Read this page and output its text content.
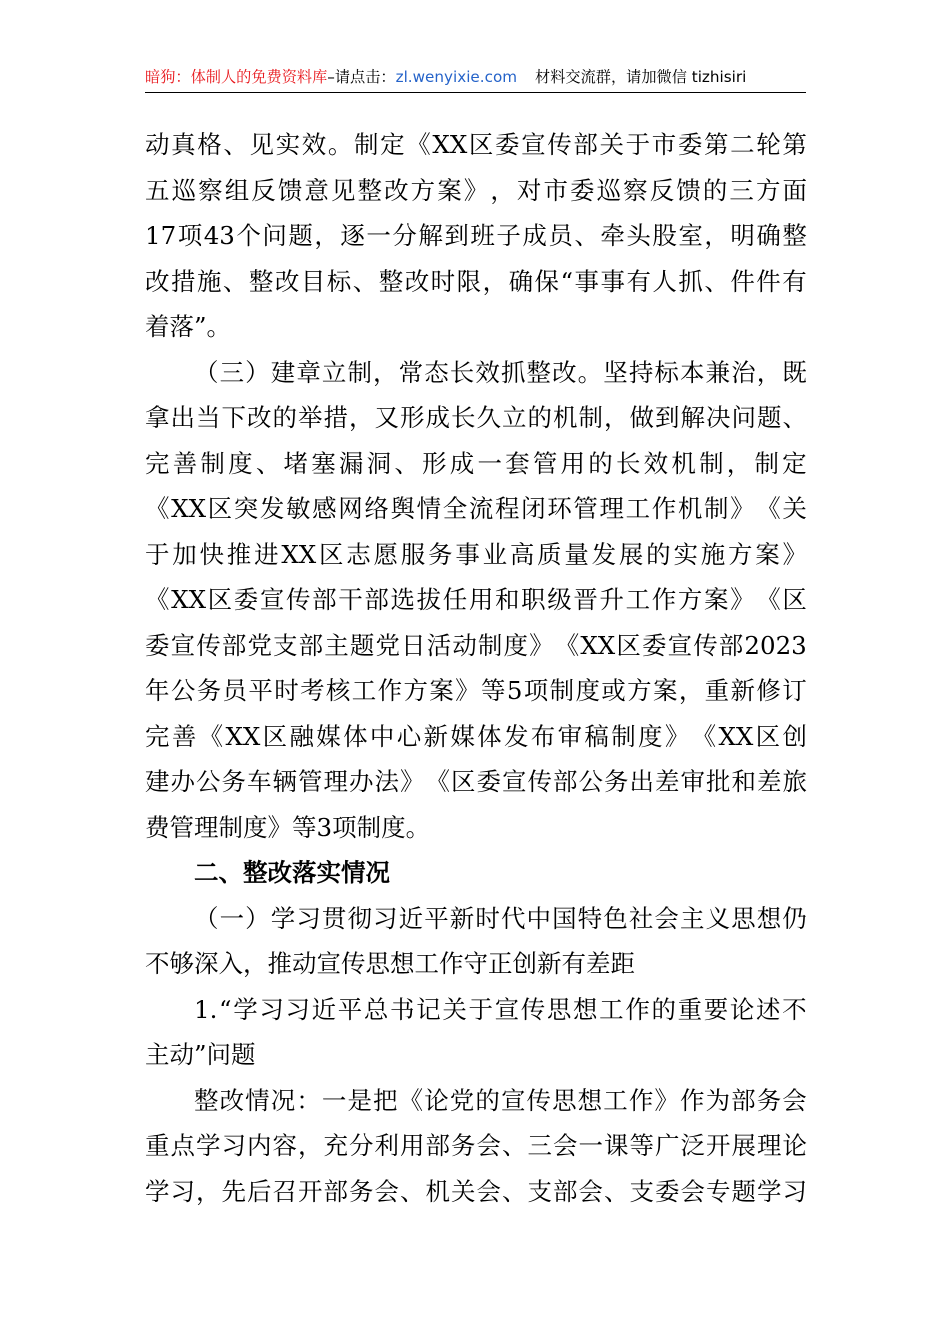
暗狗：体制人的免费资料库–请点击：zl.wenyixie.com 材料交流群，请加微信 tizhisiri
动 真 格 、 见 实 效 。 制 定 《 XX 区 委 宣 传 部 关 于 市 委 第 二 轮 第
五 巡 察 组 反 馈 意 见 整 改 方 案 》 ， 对 市 委 巡 察 反 馈 的 三 方 面
17 项 43 个 问 题 ， 逐 一 分 解 到 班 子 成 员 、 牵 头 股 室 ， 明 确 整
改 措 施 、 整 改 目 标 、 整 改 时 限 ， 确 保 “ 事 事 有 人 抓 、 件 件 有
着落”。
（ 三 ） 建 章 立 制 ， 常 态 长 效 抓 整 改 。 坚 持 标 本 兼 治 ， 既
拿 出 当 下 改 的 举 措 ， 又 形 成 长 久 立 的 机 制 ， 做 到 解 决 问 题 、
完 善 制 度 、 堵 塞 漏 洞 、 形 成 一 套 管 用 的 长 效 机 制 ， 制 定
《 XX 区 突 发 敏 感 网 络 舆 情 全 流 程 闭 环 管 理 工 作 机 制 》 《 关
于 加 快 推 进 XX 区 志 愿 服 务 事 业 高 质 量 发 展 的 实 施 方 案 》
《 XX 区 委 宣 传 部 干 部 选 拔 任 用 和 职 级 晋 升 工 作 方 案 》 《 区
委 宣 传 部 党 支 部 主 题 党 日 活 动 制 度 》 《 XX 区 委 宣 传 部 2023
年 公 务 员 平 时 考 核 工 作 方 案 》 等 5 项 制 度 或 方 案 ， 重 新 修 订
完 善 《 XX 区 融 媒 体 中 心 新 媒 体 发 布 审 稿 制 度 》 《 XX 区 创
建 办 公 务 车 辆 管 理 办 法 》 《 区 委 宣 传 部 公 务 出 差 审 批 和 差 旅
费管理制度》等3项制度。
二、整改落实情况
（ 一 ） 学 习 贯 彻 习 近 平 新 时 代 中 国 特 色 社 会 主 义 思 想 仍
不够深入，推动宣传思想工作守正创新有差距
1. “ 学 习 习 近 平 总 书 记 关 于 宣 传 思 想 工 作 的 重 要 论 述 不
主动”问题
整 改 情 况 ： 一 是 把 《 论 党 的 宣 传 思 想 工 作 》 作 为 部 务 会
重 点 学 习 内 容 ， 充 分 利 用 部 务 会 、 三 会 一 课 等 广 泛 开 展 理 论
学 习 ， 先 后 召 开 部 务 会 、 机 关 会 、 支 部 会 、 支 委 会 专 题 学 习
